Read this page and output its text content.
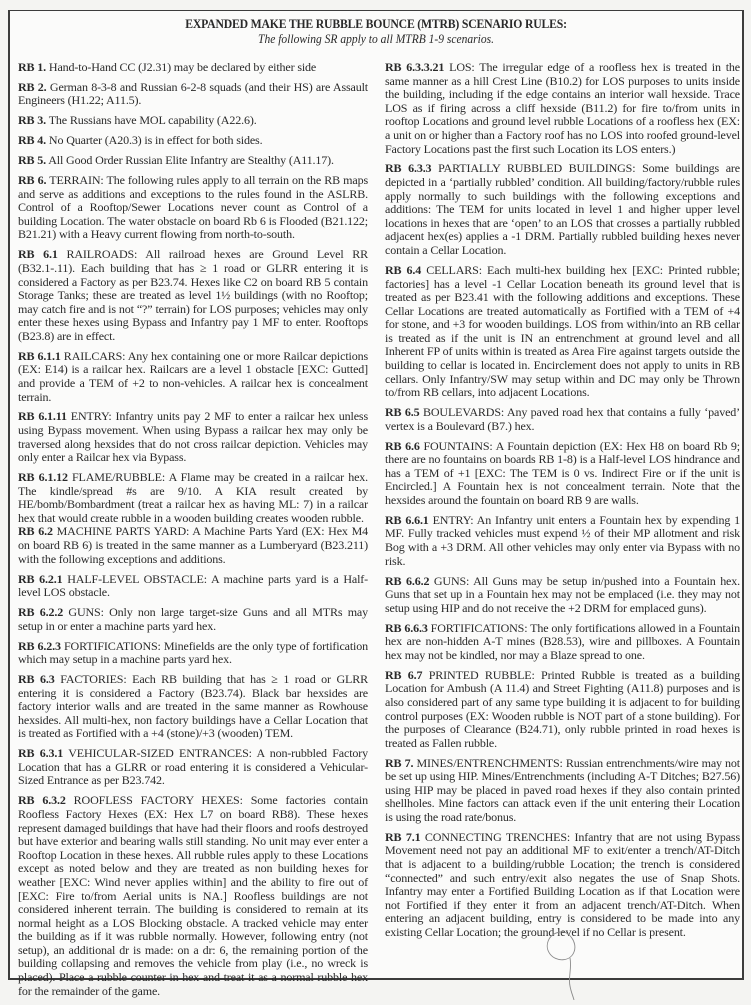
EXPANDED MAKE THE RUBBLE BOUNCE (MTRB) SCENARIO RULES:
The following SR apply to all MTRB 1-9 scenarios.

RB 1. Hand-to-Hand CC (J2.31) may be declared by either side

RB 2. German 8-3-8 and Russian 6-2-8 squads (and their HS) are Assault Engineers (H1.22; A11.5).

RB 3. The Russians have MOL capability (A22.6).

RB 4. No Quarter (A20.3) is in effect for both sides.

RB 5. All Good Order Russian Elite Infantry are Stealthy (A11.17).

RB 6. TERRAIN: The following rules apply to all terrain on the RB maps and serve as additions and exceptions to the rules found in the ASLRB. Control of a Rooftop/Sewer Locations never count as Control of a building Location. The water obstacle on board Rb 6 is Flooded (B21.122; B21.21) with a Heavy current flowing from north-to-south.

RB 6.1 RAILROADS: All railroad hexes are Ground Level RR (B32.1-.11). Each building that has ≥ 1 road or GLRR entering it is considered a Factory as per B23.74. Hexes like C2 on board RB 5 contain Storage Tanks; these are treated as level 1½ buildings (with no Rooftop; may catch fire and is not “?” terrain) for LOS purposes; vehicles may only enter these hexes using Bypass and Infantry pay 1 MF to enter. Rooftops (B23.8) are in effect.

RB 6.1.1 RAILCARS: Any hex containing one or more Railcar depictions (EX: E14) is a railcar hex. Railcars are a level 1 obstacle [EXC: Gutted] and provide a TEM of +2 to non-vehicles. A railcar hex is concealment terrain.

RB 6.1.11 ENTRY: Infantry units pay 2 MF to enter a railcar hex unless using Bypass movement. When using Bypass a railcar hex may only be traversed along hexsides that do not cross railcar depiction. Vehicles may only enter a Railcar hex via Bypass.

RB 6.1.12 FLAME/RUBBLE: A Flame may be created in a railcar hex. The kindle/spread #s are 9/10. A KIA result created by HE/bomb/Bombardment (treat a railcar hex as having ML: 7) in a railcar hex that would create rubble in a wooden building creates wooden rubble.

RB 6.2 MACHINE PARTS YARD: A Machine Parts Yard (EX: Hex M4 on board RB 6) is treated in the same manner as a Lumberyard (B23.211) with the following exceptions and additions.

RB 6.2.1 HALF-LEVEL OBSTACLE: A machine parts yard is a Half-level LOS obstacle.

RB 6.2.2 GUNS: Only non large target-size Guns and all MTRs may setup in or enter a machine parts yard hex.

RB 6.2.3 FORTIFICATIONS: Minefields are the only type of fortification which may setup in a machine parts yard hex.

RB 6.3 FACTORIES: Each RB building that has ≥ 1 road or GLRR entering it is considered a Factory (B23.74). Black bar hexsides are factory interior walls and are treated in the same manner as Rowhouse hexsides. All multi-hex, non factory buildings have a Cellar Location that is treated as Fortified with a +4 (stone)/+3 (wooden) TEM.

RB 6.3.1 VEHICULAR-SIZED ENTRANCES: A non-rubbled Factory Location that has a GLRR or road entering it is considered a Vehicular-Sized Entrance as per B23.742.

RB 6.3.2 ROOFLESS FACTORY HEXES: Some factories contain Roofless Factory Hexes (EX: Hex L7 on board RB8). These hexes represent damaged buildings that have had their floors and roofs destroyed but have exterior and bearing walls still standing. No unit may ever enter a Rooftop Location in these hexes. All rubble rules apply to these Locations except as noted below and they are treated as non building hexes for weather [EXC: Wind never applies within] and the ability to fire out of [EXC: Fire to/from Aerial units is NA.] Roofless buildings are not considered inherent terrain. The building is considered to remain at its normal height as a LOS Blocking obstacle. A tracked vehicle may enter the building as if it was rubble normally. However, following entry (not setup), an additional dr is made: on a dr: 6, the remaining portion of the building collapsing and removes the vehicle from play (i.e., no wreck is placed). Place a rubble counter in hex and treat it as a normal rubble hex for the remainder of the game.

RB 6.3.3.21 LOS: The irregular edge of a roofless hex is treated in the same manner as a hill Crest Line (B10.2) for LOS purposes to units inside the building, including if the edge contains an interior wall hexside. Trace LOS as if firing across a cliff hexside (B11.2) for fire to/from units in rooftop Locations and ground level rubble Locations of a roofless hex (EX: a unit on or higher than a Factory roof has no LOS into roofed ground-level Factory Locations past the first such Location its LOS enters.)

RB 6.3.3 PARTIALLY RUBBLED BUILDINGS: Some buildings are depicted in a ‘partially rubbled’ condition. All building/factory/rubble rules apply normally to such buildings with the following exceptions and additions: The TEM for units located in level 1 and higher upper level locations in hexes that are ‘open’ to an LOS that crosses a partially rubbled adjacent hex(es) applies a -1 DRM. Partially rubbled building hexes never contain a Cellar Location.

RB 6.4 CELLARS: Each multi-hex building hex [EXC: Printed rubble; factories] has a level -1 Cellar Location beneath its ground level that is treated as per B23.41 with the following additions and exceptions. These Cellar Locations are treated automatically as Fortified with a TEM of +4 for stone, and +3 for wooden buildings. LOS from within/into an RB cellar is treated as if the unit is IN an entrenchment at ground level and all Inherent FP of units within is treated as Area Fire against targets outside the building to cellar is located in. Encirclement does not apply to units in RB cellars. Only Infantry/SW may setup within and DC may only be Thrown to/from RB cellars, into adjacent Locations.

RB 6.5 BOULEVARDS: Any paved road hex that contains a fully ‘paved’ vertex is a Boulevard (B7.) hex.

RB 6.6 FOUNTAINS: A Fountain depiction (EX: Hex H8 on board Rb 9; there are no fountains on boards RB 1-8) is a Half-level LOS hindrance and has a TEM of +1 [EXC: The TEM is 0 vs. Indirect Fire or if the unit is Encircled.] A Fountain hex is not concealment terrain. Note that the hexsides around the fountain on board RB 9 are walls.

RB 6.6.1 ENTRY: An Infantry unit enters a Fountain hex by expending 1 MF. Fully tracked vehicles must expend ½ of their MP allotment and risk Bog with a +3 DRM. All other vehicles may only enter via Bypass with no risk.

RB 6.6.2 GUNS: All Guns may be setup in/pushed into a Fountain hex. Guns that set up in a Fountain hex may not be emplaced (i.e. they may not setup using HIP and do not receive the +2 DRM for emplaced guns).

RB 6.6.3 FORTIFICATIONS: The only fortifications allowed in a Fountain hex are non-hidden A-T mines (B28.53), wire and pillboxes. A Fountain hex may not be kindled, nor may a Blaze spread to one.

RB 6.7 PRINTED RUBBLE: Printed Rubble is treated as a building Location for Ambush (A 11.4) and Street Fighting (A11.8) purposes and is also considered part of any same type building it is adjacent to for building control purposes (EX: Wooden rubble is NOT part of a stone building). For the purposes of Clearance (B24.71), only rubble printed in road hexes is treated as Fallen rubble.

RB 7. MINES/ENTRENCHMENTS: Russian entrenchments/wire may not be set up using HIP. Mines/Entrenchments (including A-T Ditches; B27.56) using HIP may be placed in paved road hexes if they also contain printed shellholes. Mine factors can attack even if the unit entering their Location is using the road rate/bonus.

RB 7.1 CONNECTING TRENCHES: Infantry that are not using Bypass Movement need not pay an additional MF to exit/enter a trench/AT-Ditch that is adjacent to a building/rubble Location; the trench is considered “connected” and such entry/exit also negates the use of Snap Shots. Infantry may enter a Fortified Building Location as if that Location were not Fortified if they enter it from an adjacent trench/AT-Ditch. When entering an adjacent building, entry is considered to be made into any existing Cellar Location; the ground level if no Cellar is present.
